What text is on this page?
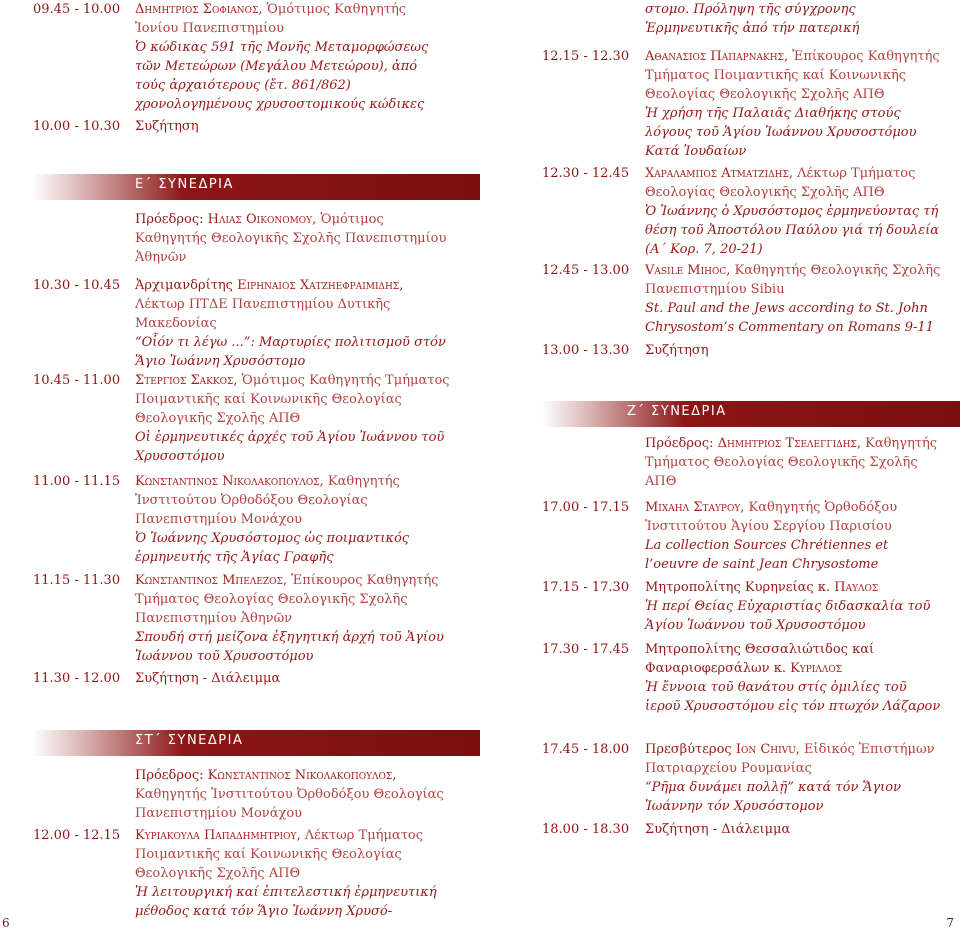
09.45 - 10.00 Δημητριος Σοφιανος, Ὁμότιμος Καθηγητής Ἰονίου Πανεπιστημίου
Ὁ κώδικας 591 τῆς Μονῆς Μεταμορφώσεως τῶν Μετεώρων (Μεγάλου Μετεώρου), ἀπό τούς ἀρχαιότερους (ἔτ. 861/862) χρονολογημένους χρυσοστομικούς κώδικες
10.00 - 10.30 Συζήτηση
Ε΄ ΣΥΝΕΔΡΙΑ
Πρόεδρος: Ηλιας Οικονομου, Ὁμότιμος Καθηγητής Θεολογικῆς Σχολῆς Πανεπιστημίου Ἀθηνῶν
10.30 - 10.45 Ἀρχιμανδρίτης Ειρηναιος Χατζηεφραιμιδης, Λέκτωρ ΠΤΔΕ Πανεπιστημίου Δυτικῆς Μακεδονίας
“Οἷόν τι λέγω ...”: Μαρτυρίες πολιτισμοῦ στόν Ἅγιο Ἰωάννη Χρυσόστομο
10.45 - 11.00 Στεργιος Σακκος, Ὁμότιμος Καθηγητής Τμήματος Ποιμαντικῆς καί Κοινωνικῆς Θεολογίας Θεολογικῆς Σχολῆς ΑΠΘ
Οἱ ἑρμηνευτικές ἀρχές τοῦ Ἁγίου Ἰωάννου τοῦ Χρυσοστόμου
11.00 - 11.15 Κωνσταντινος Νικολακοπουλος, Καθηγητής Ἰνστιτούτου Ὀρθοδόξου Θεολογίας Πανεπιστημίου Μονάχου
Ὁ Ἰωάννης Χρυσόστομος ὡς ποιμαντικός ἑρμηνευτής τῆς Ἁγίας Γραφῆς
11.15 - 11.30 Κωνσταντινος Μπελεζος, Ἐπίκουρος Καθηγητής Τμήματος Θεολογίας Θεολογικῆς Σχολῆς Πανεπιστημίου Ἀθηνῶν
Σπουδή στή μείζονα ἐξηγητική ἀρχή τοῦ Ἁγίου Ἰωάννου τοῦ Χρυσοστόμου
11.30 - 12.00 Συζήτηση - Διάλειμμα
ΣΤ΄ ΣΥΝΕΔΡΙΑ
Πρόεδρος: Κωνσταντινος Νικολακοπουλος, Καθηγητής Ἰνστιτούτου Ὀρθοδόξου Θεολογίας Πανεπιστημίου Μονάχου
12.00 - 12.15 Κυριακουλα Παπαδημητριου, Λέκτωρ Τμήματος Ποιμαντικῆς καί Κοινωνικῆς Θεολογίας Θεολογικῆς Σχολῆς ΑΠΘ
Ἡ λειτουργική καί ἐπιτελεστική ἑρμηνευτική μέθοδος κατά τόν Ἅγιο Ἰωάννη Χρυσό-
6
στομο. Πρόληψη τῆς σύγχρονης Ἑρμηνευτικῆς ἀπό τήν πατερική
12.15 - 12.30 Αθανασιος Παπαρνακης, Ἐπίκουρος Καθηγητής Τμήματος Ποιμαντικῆς καί Κοινωνικῆς Θεολογίας Θεολογικῆς Σχολῆς ΑΠΘ
Ἡ χρήση τῆς Παλαιᾶς Διαθήκης στούς λόγους τοῦ Ἁγίου Ἰωάννου Χρυσοστόμου Κατά Ἰουδαίων
12.30 - 12.45 Χαραλαμπος Ατματζιδης, Λέκτωρ Τμήματος Θεολογίας Θεολογικῆς Σχολῆς ΑΠΘ
Ὁ Ἰωάννης ὁ Χρυσόστομος ἑρμηνεύοντας τή θέση τοῦ Ἀποστόλου Παύλου γιά τή δουλεία (Α΄ Κορ. 7, 20-21)
12.45 - 13.00 Vasile Mihoc, Καθηγητής Θεολογικῆς Σχολῆς Πανεπιστημίου Sibiu
St. Paul and the Jews according to St. John Chrysostom’s Commentary on Romans 9-11
13.00 - 13.30 Συζήτηση
Ζ΄ ΣΥΝΕΔΡΙΑ
Πρόεδρος: Δημητριος Τσελεγγιδης, Καθηγητής Τμήματος Θεολογίας Θεολογικῆς Σχολῆς ΑΠΘ
17.00 - 17.15 Μιχαηλ Σταυρου, Καθηγητής Ὀρθοδόξου Ἰνστιτούτου Ἁγίου Σεργίου Παρισίου
La collection Sources Chrétiennes et l’oeuvre de saint Jean Chrysostome
17.15 - 17.30 Μητροπολίτης Κυρηνείας κ. Παυλος
Ἡ περί Θείας Εὐχαριστίας διδασκαλία τοῦ Ἁγίου Ἰωάννου τοῦ Χρυσοστόμου
17.30 - 17.45 Μητροπολίτης Θεσσαλιώτιδος καί Φαναριοφερσάλων κ. Κυριλλος
Ἡ ἔννοια τοῦ θανάτου στίς ὁμιλίες τοῦ ἱεροῦ Χρυσοστόμου εἰς τόν πτωχόν Λάζαρον
17.45 - 18.00 Πρεσβύτερος Ion Chivu, Εἰδικός Ἐπιστήμων Πατριαρχείου Ρουμανίας
“Ρῆμα δυνάμει πολλῇ” κατά τόν Ἅγιον Ἰωάννην τόν Χρυσόστομον
18.00 - 18.30 Συζήτηση - Διάλειμμα
7
